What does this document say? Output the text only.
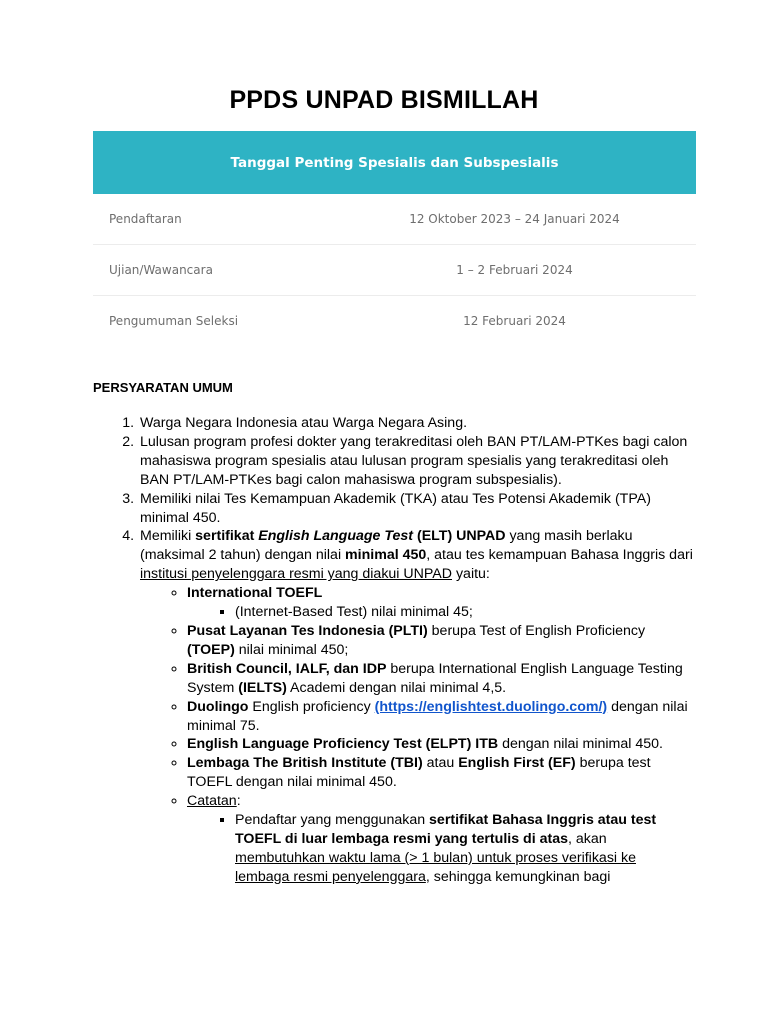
PPDS UNPAD BISMILLAH
Tanggal Penting Spesialis dan Subspesialis
Pendaftaran	12 Oktober 2023 – 24 Januari 2024
Ujian/Wawancara	1 – 2 Februari 2024
Pengumuman Seleksi	12 Februari 2024
PERSYARATAN UMUM
1. Warga Negara Indonesia atau Warga Negara Asing.
2. Lulusan program profesi dokter yang terakreditasi oleh BAN PT/LAM-PTKes bagi calon mahasiswa program spesialis atau lulusan program spesialis yang terakreditasi oleh BAN PT/LAM-PTKes bagi calon mahasiswa program subspesialis).
3. Memiliki nilai Tes Kemampuan Akademik (TKA) atau Tes Potensi Akademik (TPA) minimal 450.
4. Memiliki sertifikat English Language Test (ELT) UNPAD yang masih berlaku (maksimal 2 tahun) dengan nilai minimal 450, atau tes kemampuan Bahasa Inggris dari institusi penyelenggara resmi yang diakui UNPAD yaitu:
◦ International TOEFL
▪ (Internet-Based Test) nilai minimal 45;
◦ Pusat Layanan Tes Indonesia (PLTI) berupa Test of English Proficiency (TOEP) nilai minimal 450;
◦ British Council, IALF, dan IDP berupa International English Language Testing System (IELTS) Academi dengan nilai minimal 4,5.
◦ Duolingo English proficiency (https://englishtest.duolingo.com/) dengan nilai minimal 75.
◦ English Language Proficiency Test (ELPT) ITB dengan nilai minimal 450.
◦ Lembaga The British Institute (TBI) atau English First (EF) berupa test TOEFL dengan nilai minimal 450.
◦ Catatan:
▪ Pendaftar yang menggunakan sertifikat Bahasa Inggris atau test TOEFL di luar lembaga resmi yang tertulis di atas, akan membutuhkan waktu lama (> 1 bulan) untuk proses verifikasi ke lembaga resmi penyelenggara, sehingga kemungkinan bagi
